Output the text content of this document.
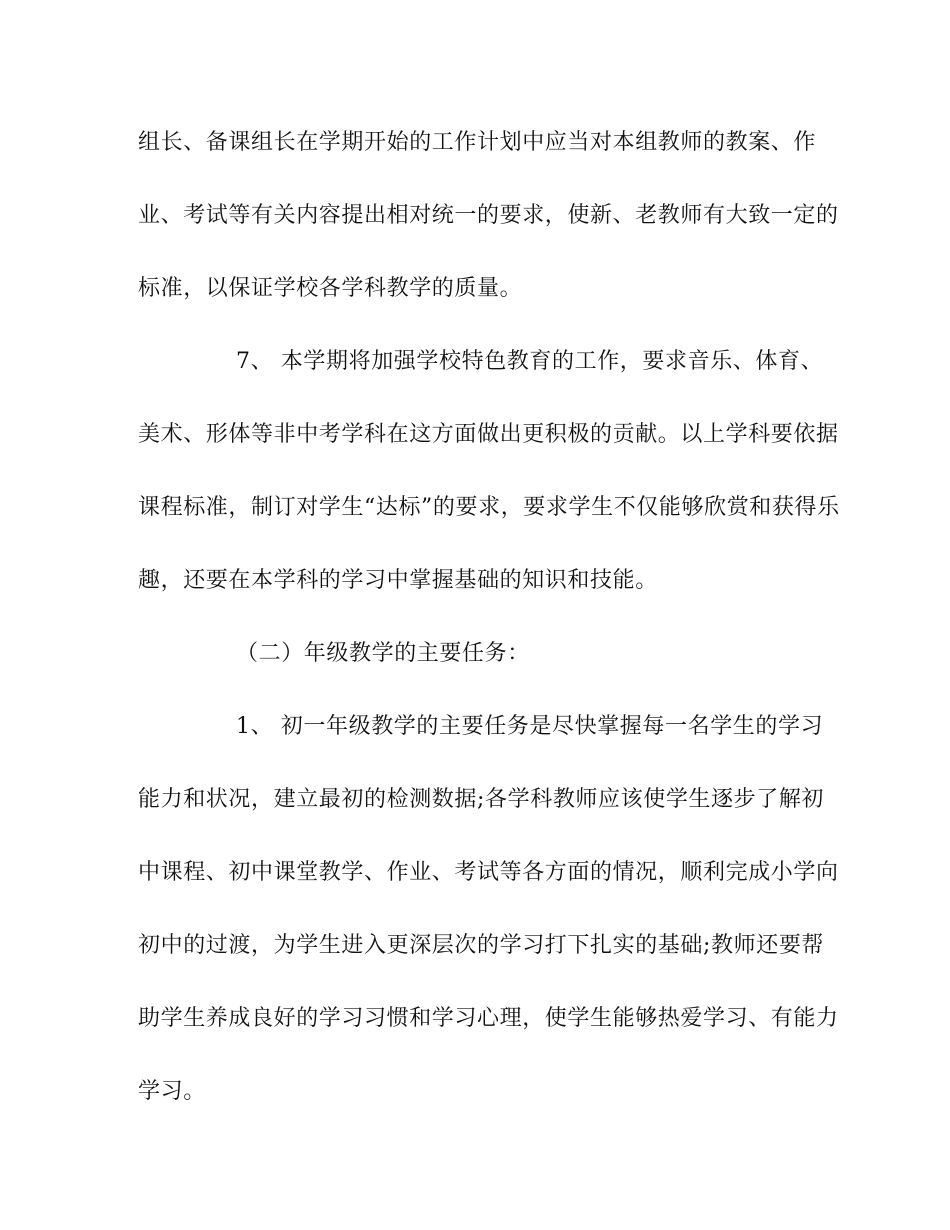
组长、备课组长在学期开始的工作计划中应当对本组教师的教案、作
业、考试等有关内容提出相对统一的要求，使新、老教师有大致一定的
标准，以保证学校各学科教学的质量。
7、 本学期将加强学校特色教育的工作，要求音乐、体育、
美术、形体等非中考学科在这方面做出更积极的贡献。以上学科要依据
课程标准，制订对学生“达标”的要求，要求学生不仅能够欣赏和获得乐
趣，还要在本学科的学习中掌握基础的知识和技能。
（二）年级教学的主要任务：
1、 初一年级教学的主要任务是尽快掌握每一名学生的学习
能力和状况，建立最初的检测数据;各学科教师应该使学生逐步了解初
中课程、初中课堂教学、作业、考试等各方面的情况，顺利完成小学向
初中的过渡，为学生进入更深层次的学习打下扎实的基础;教师还要帮
助学生养成良好的学习习惯和学习心理，使学生能够热爱学习、有能力
学习。
